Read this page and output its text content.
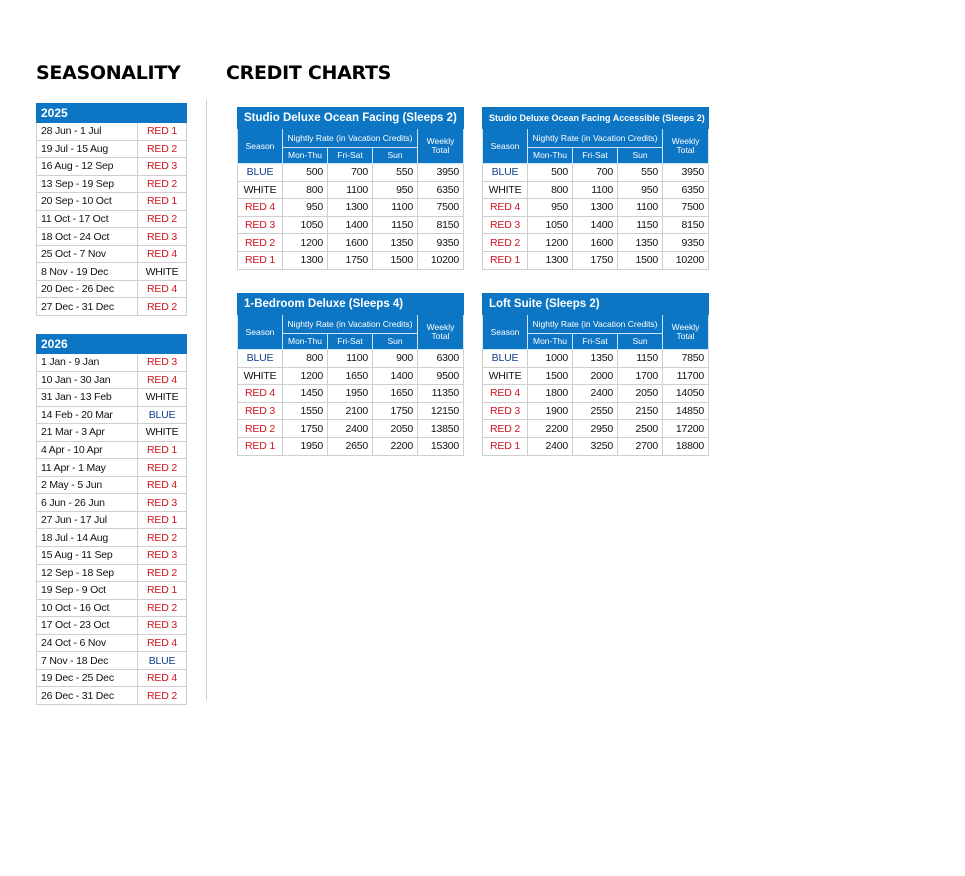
SEASONALITY CREDIT CHARTS
2025	
28 Jun - 1 Jul	RED 1
19 Jul - 15 Aug	RED 2
16 Aug - 12 Sep	RED 3
13 Sep - 19 Sep	RED 2
20 Sep - 10 Oct	RED 1
11 Oct - 17 Oct	RED 2
18 Oct - 24 Oct	RED 3
25 Oct - 7 Nov	RED 4
8 Nov - 19 Dec	WHITE
20 Dec - 26 Dec	RED 4
27 Dec - 31 Dec	RED 2
2026	
1 Jan - 9 Jan	RED 3
10 Jan - 30 Jan	RED 4
31 Jan - 13 Feb	WHITE
14 Feb - 20 Mar	BLUE
21 Mar - 3 Apr	WHITE
4 Apr - 10 Apr	RED 1
11 Apr - 1 May	RED 2
2 May - 5 Jun	RED 4
6 Jun - 26 Jun	RED 3
27 Jun - 17 Jul	RED 1
18 Jul - 14 Aug	RED 2
15 Aug - 11 Sep	RED 3
12 Sep - 18 Sep	RED 2
19 Sep - 9 Oct	RED 1
10 Oct - 16 Oct	RED 2
17 Oct - 23 Oct	RED 3
24 Oct - 6 Nov	RED 4
7 Nov - 18 Dec	BLUE
19 Dec - 25 Dec	RED 4
26 Dec - 31 Dec	RED 2
Studio Deluxe Ocean Facing (Sleeps 2)				
Season	Nightly Rate (in Vacation Credits)			Weekly
Total

	Mon-Thu	Fri-Sat	Sun	
BLUE	500	700	550	3950
WHITE	800	1100	950	6350
RED 4	950	1300	1100	7500
RED 3	1050	1400	1150	8150
RED 2	1200	1600	1350	9350
RED 1	1300	1750	1500	10200
Studio Deluxe Ocean Facing Accessible (Sleeps 2)				
Season	Nightly Rate (in Vacation Credits)			Weekly
Total

	Mon-Thu	Fri-Sat	Sun	
BLUE	500	700	550	3950
WHITE	800	1100	950	6350
RED 4	950	1300	1100	7500
RED 3	1050	1400	1150	8150
RED 2	1200	1600	1350	9350
RED 1	1300	1750	1500	10200
1-Bedroom Deluxe (Sleeps 4)				
Season	Nightly Rate (in Vacation Credits)			Weekly
Total

	Mon-Thu	Fri-Sat	Sun	
BLUE	800	1100	900	6300
WHITE	1200	1650	1400	9500
RED 4	1450	1950	1650	11350
RED 3	1550	2100	1750	12150
RED 2	1750	2400	2050	13850
RED 1	1950	2650	2200	15300
Loft Suite (Sleeps 2)				
Season	Nightly Rate (in Vacation Credits)			Weekly
Total

	Mon-Thu	Fri-Sat	Sun	
BLUE	1000	1350	1150	7850
WHITE	1500	2000	1700	11700
RED 4	1800	2400	2050	14050
RED 3	1900	2550	2150	14850
RED 2	2200	2950	2500	17200
RED 1	2400	3250	2700	18800
